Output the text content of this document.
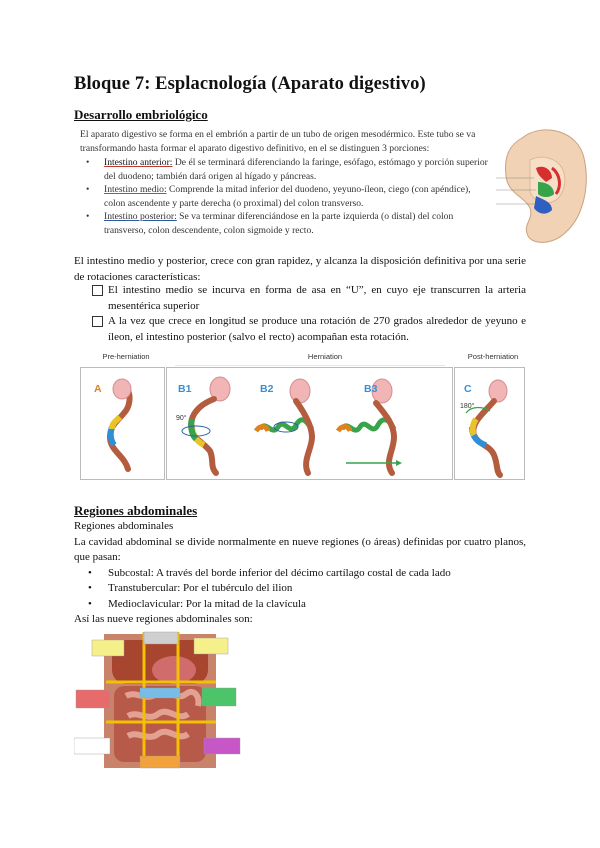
Bloque 7: Esplacnología (Aparato digestivo)
Desarrollo embriológico
El aparato digestivo se forma en el embrión a partir de un tubo de origen mesodérmico. Este tubo se va transformando hasta formar el aparato digestivo definitivo, en el se distinguen 3 porciones:
• Intestino anterior: De él se terminará diferenciando la faringe, esófago, estómago y porción superior del duodeno; también dará origen al hígado y páncreas.
• Intestino medio: Comprende la mitad inferior del duodeno, yeyuno-íleon, ciego (con apéndice), colon ascendente y parte derecha (o proximal) del colon transverso.
• Intestino posterior: Se va terminar diferenciándose en la parte izquierda (o distal) del colon transverso, colon descendente, colon sigmoide y recto.
El intestino medio y posterior, crece con gran rapidez, y alcanza la disposición definitiva por una serie de rotaciones características:
El intestino medio se incurva en forma de asa en “U”, en cuyo eje transcurren la arteria mesentérica superior
A la vez que crece en longitud se produce una rotación de 270 grados alrededor de yeyuno e íleon, el intestino posterior (salvo el recto) acompañan esta rotación.
Pre-herniation	Herniation	Post-herniation
A	B1	B2	B3	C
90°
180°
Regiones abdominales
Regiones abdominales
La cavidad abdominal se divide normalmente en nueve regiones (o áreas) definidas por cuatro planos, que pasan:
• Subcostal: A través del borde inferior del décimo cartílago costal de cada lado
• Transtubercular: Por el tubérculo del ilion
• Medioclavicular: Por la mitad de la clavícula
Así las nueve regiones abdominales son:
